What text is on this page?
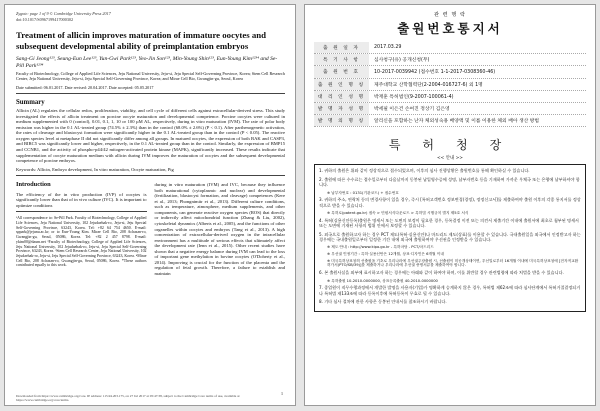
Zygote: page 1 of 9 © Cambridge University Press 2017
doi:10.1017/S0967199417000302
Treatment of allicin improves maturation of immature oocytes and subsequent developmental ability of preimplantation embryos
Sang-Gi Jeong¹²³, Seung-Eun Lee¹²³, Yun-Gwi Park¹²³, Yeo-Jin Son¹²³, Min-Young Shin¹²³, Eun-Young Kim¹²³⁴ and Se-Pill Park¹²³⁴
Faculty of Biotechnology, College of Applied Life Sciences, Jeju National University, Jeju-si, Jeju Special Self-Governing Province, Korea; Stem Cell Research Center, Jeju National University, Jeju-si, Jeju Special Self-Governing Province, Korea; and Mirae Cell Bio, Gwangjin-gu, Seoul, Korea
Date submitted: 06.01.2017. Date revised: 20.04.2017. Date accepted: 05.05.2017
Summary
Allicin (AL) regulates the cellular redox, proliferation, viability, and cell cycle of different cells against extracellular-derived stress. This study investigated the effects of allicin treatment on porcine oocyte maturation and developmental competence. Porcine oocytes were cultured in medium supplemented with 0 (control), 0.01, 0.1, 1, 10 or 100 µM AL, respectively, during in vitro maturation (IVM). The rate of polar body emission was higher in the 0.1 AL-treated group (74.5% ± 2.3%) than in the control (68.0% ± 2.6%) (P < 0.1). After parthenogenetic activation, the rates of cleavage and blastocyst formation were significantly higher in the 0.1 AL-treated group than in the control (P < 0.05). The reactive oxygen species level at metaphase II did not significantly differ among all groups. In matured oocytes, the expression of both BAK and CASP3, and BIRC5 was significantly lower and higher, respectively, in the 0.1 AL-treated group than in the control. Similarly, the expression of BMP15 and CCNB1, and the activity of phospho-p44/42 mitogen-activated protein kinase (MAPK), significantly increased. These results indicate that supplementation of oocyte maturation medium with allicin during IVM improves the maturation of oocytes and the subsequent developmental competence of porcine embryos.
Keywords: Allicin, Embryo development, In vitro maturation, Oocyte maturation, Pig
Introduction
The efficiency of the in vitro production (IVP) of oocytes is significantly lower than that of in vivo culture (IVC). It is important to optimize conditions
¹All correspondence to: Se-Pill Park. Faculty of Biotechnology, College of Applied Life Sciences, Jeju National University, 102 Jejudaehak-ro, Jeju-si, Jeju Special Self-Governing Province, 63243, Korea. Tel: +82 64 754 4650. E-mail: sppark@jejunu.ac.kr; or to Eun-Young Kim. Mirae Cell Bio, 208 Achasan-ro, Gwangjin-gu, Seoul, 05086, Korea. Tel: +82 2 457 8798. E-mail: ykim00@daum.net ²Faculty of Biotechnology, College of Applied Life Sciences, Jeju National University, 102 Jejudaehak-ro, Jeju-si, Jeju Special Self-Governing Province, 63243, Korea. ³Stem Cell Research Center, Jeju National University, 102 Jejudaehak-ro, Jeju-si, Jeju Special Self-Governing Province, 63243, Korea. ⁴Mirae Cell Bio, 208 Achasan-ro, Gwangjin-gu, Seoul, 05086, Korea. *These authors contributed equally to this work.
during in vitro maturation (IVM) and IVC, because they influence both maturational (cytoplasmic and nuclear) and developmental (fertilization, blastocyst formation, and cleavage) competences (Kere et al., 2013; Phongnimitr et al., 2013). Different culture conditions, such as temperature, atmosphere, medium supplements, and other components, can generate reactive oxygen species (ROS) that directly or indirectly affect mitochondrial function (Zhang & Liu, 2002), cytoskeletal dynamics (Alberts et al., 2005), and the functions of other organelles within oocytes and embryos (Tang et al., 2013). A high concentration of extracellular-derived oxygen in the intracellular environment has a multitude of serious effects that ultimately affect the development rate (Ienn et al., 2015). Other recent studies have shown that a negative energy balance during IVM can lead to the loss of important gene methylation in bovine oocytes (O'Doherty et al., 2014). Improving is crucial for the function of the placenta and the regulation of fetal growth. Therefore, a failure to establish and maintain
1
Downloaded from https://www.cambridge.org/core. IP address: 115.94.203.175, on 27 Jul 2017 at 05:47:38, subject to the Cambridge Core terms of use, available at https://www.cambridge.org/core/terms.
관 련 행 락
출원번호통지서
출 원 일 자	2017.03.29
특 기 사 항	심사청구(유) 공개신청(무)
출 원 번 호	10-2017-0039942 (접수번호 1-1-2017-0308360-46)
출 원 인 명 칭	제주대학교 산학협력단(2-2004-016727-6) 외 1명
대 리 인 성 명	박재훈 특허법인(9-2007-100061-4)
발 명 자 성 명	박세필 이은건 손여진 정상기 김은영
발 명 의 명 칭	알리신을 포함하는 난자 체외성숙용 배양액 및 이를 이용한 체외 배아 생산 방법
특허청장
<< 안내 >>

1. 귀하의 출원은 위와 같이 정상적으로 접수되었으며, 이후의 심사 진행상황은 출원번호를 통해 확인하실 수 있습니다.

2. 출원에 따른 수수료는 접수일로부터 다음날까지 동봉된 납입영수증에 성명, 납부자번호 등을 기재하여 가까운 우체국 또는 은행에 납부하셔야 합니다.

※ 납부자번호 : 0131(기관코드) + 접수번호

3. 귀하의 주소, 연락처 등의 변경사항이 있을 경우, 즉시 [특허고객번호 정보변경(경정), 정정신고서]를 제출하여야 출원 이후의 각종 통지서를 정상적으로 받을 수 있습니다.

※ 특허로(patent.go.kr) 접속 > 민원서식다운로드 > 특허법 시행규칙 별지 제5호 서식

4. 특허(실용신안등록)출원은 명세서 또는 도면의 보정이 필요한 경우, 등록결정 이전 또는 의견서 제출기간 이내에 출원서에 최초로 첨부된 명세서 또는 도면에 기재된 사항의 범위 안에서 보정할 수 있습니다.

5. 외국으로 출원하고자 하는 경우 PCT 제도(특허·실용신안)나 마드리드 제도(상표)를 이용할 수 있습니다. 국내출원일을 외국에서 인정받고자 하는 경우에는 국내출원일로부터 일정한 기간 내에 외국에 출원하여야 우선권을 인정받을 수 있습니다.

※ 제도 안내 : http://www.kipo.go.kr - 특허마당 - PCT/마드리드

※ 우선권 인정기간 : 특허·실용신안은 12개월, 상표·디자인은 6개월 이내

※ 미국특허상표청의 선출원을 기초로 우리나라에 우선권주장출원 시, 선출원이 미공개상태이면, 우선일로부터 16개월 이내에 미국특허상표청에 [전자적교환허가서(PTO/SB/39)]를 제출하거나 우리나라에 우선권 증명서류를 제출하여야 합니다.

6. 본 출원사실을 외부에 표시하고자 하는 경우에는 아래와 같이 하여야 하며, 이를 위반할 경우 관련법령에 따라 처벌을 받을 수 있습니다.

※ 특허출원 10-2010-0000000, 상표등록출원 40-2010-0000000

7. 종업원이 직무수행과정에서 개발한 발명을 사용자(기업)가 명확하게 승계하지 않은 경우, 특허법 제62조에 따라 심사단계에서 특허거절결정되거나 특허법 제133조에 따라 등록이후에 특허등록이 무효로 될 수 있습니다.

8. 기타 심사 절차에 관한 사항은 동봉된 안내서를 참조하시기 바랍니다.
